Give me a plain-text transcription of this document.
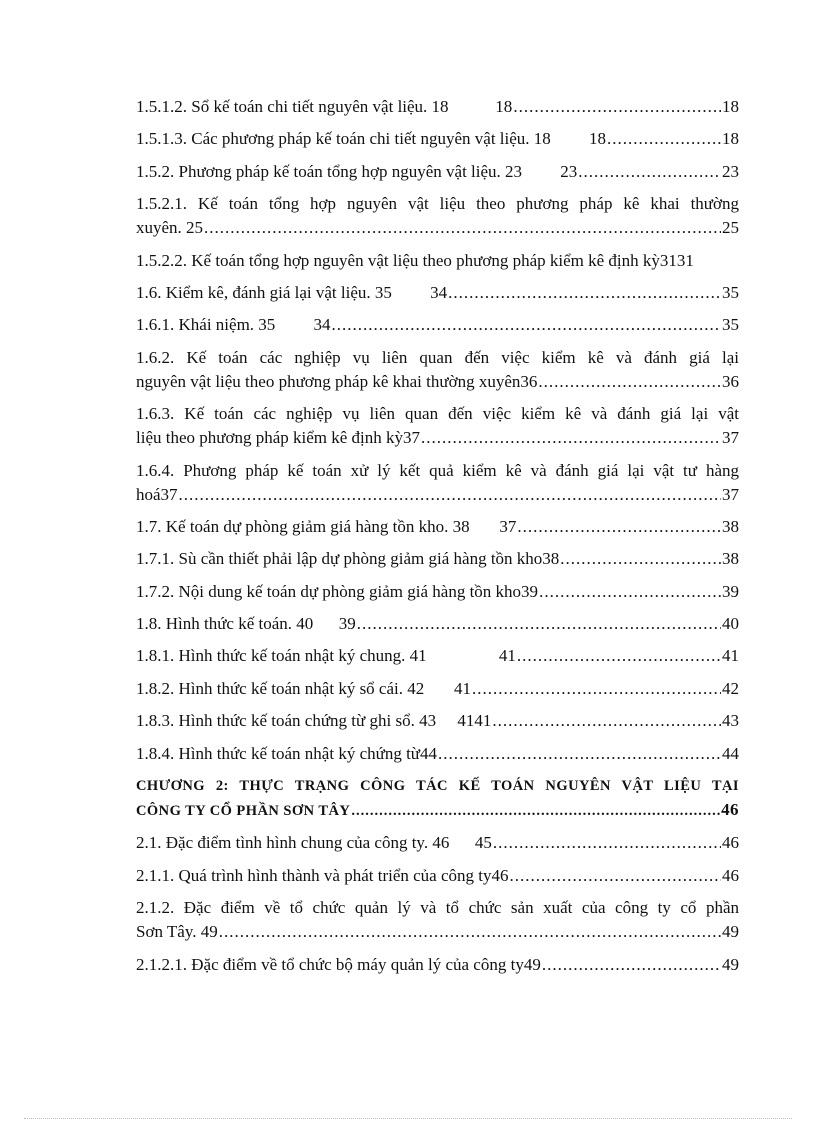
1.5.1.2. Sổ kế toán chi tiết nguyên vật liệu. 18           18 .....	18
1.5.1.3. Các phương pháp kế toán chi tiết nguyên vật liệu. 18         18 .....	18
1.5.2. Phương pháp kế toán tổng hợp nguyên vật liệu. 23         23 .....	23
1.5.2.1. Kế toán tổng hợp nguyên vật liệu theo phương pháp kê khai thường
xuyên. 25 .....	25
1.5.2.2. Kế toán tổng hợp nguyên vật liệu theo phương pháp kiểm kê định kỳ 3131
1.6. Kiểm kê, đánh giá lại vật liệu. 35         34 .....	35
1.6.1. Khái niệm. 35         34 .....	35
1.6.2. Kế toán các nghiệp vụ liên quan đến việc kiểm kê và đánh giá lại
nguyên vật liệu theo phương pháp kê khai thường xuyên36 .....	36
1.6.3. Kế toán các nghiệp vụ liên quan đến việc kiểm kê và đánh giá lại vật
liệu theo phương pháp kiểm kê định kỳ37 .....	37
1.6.4. Phương pháp kế toán xử lý kết quả kiểm kê và đánh giá lại vật tư hàng
hoá37 .....	37
1.7. Kế toán dự phòng giảm giá hàng tồn kho. 38       37 .....	38
1.7.1. Sù cần thiết phải lập dự phòng giảm giá hàng tồn kho38 .....	38
1.7.2. Nội dung kế toán dự phòng giảm giá hàng tồn kho39 .....	39
1.8. Hình thức kế toán. 40      39 .....	40
1.8.1. Hình thức kế toán nhật ký chung. 41                 41 .....	41
1.8.2. Hình thức kế toán nhật ký sổ cái. 42       41 .....	42
1.8.3. Hình thức kế toán chứng từ ghi sổ. 43     4141 .....	43
1.8.4. Hình thức kế toán nhật ký chứng từ44 .....	44
CHƯƠNG 2: THỰC TRẠNG CÔNG TÁC KẾ TOÁN NGUYÊN VẬT LIỆU TẠI
CÔNG TY CỔ PHẦN SƠN TÂY .....	46
2.1. Đặc điểm tình hình chung của công ty. 46      45 .....	46
2.1.1. Quá trình hình thành và phát triển của công ty46 .....	46
2.1.2. Đặc điểm về tổ chức quản lý và tổ chức sản xuất của công ty cổ phần
Sơn Tây. 49 .....	49
2.1.2.1. Đặc điểm về tổ chức bộ máy quản lý của công ty49 .....	49
